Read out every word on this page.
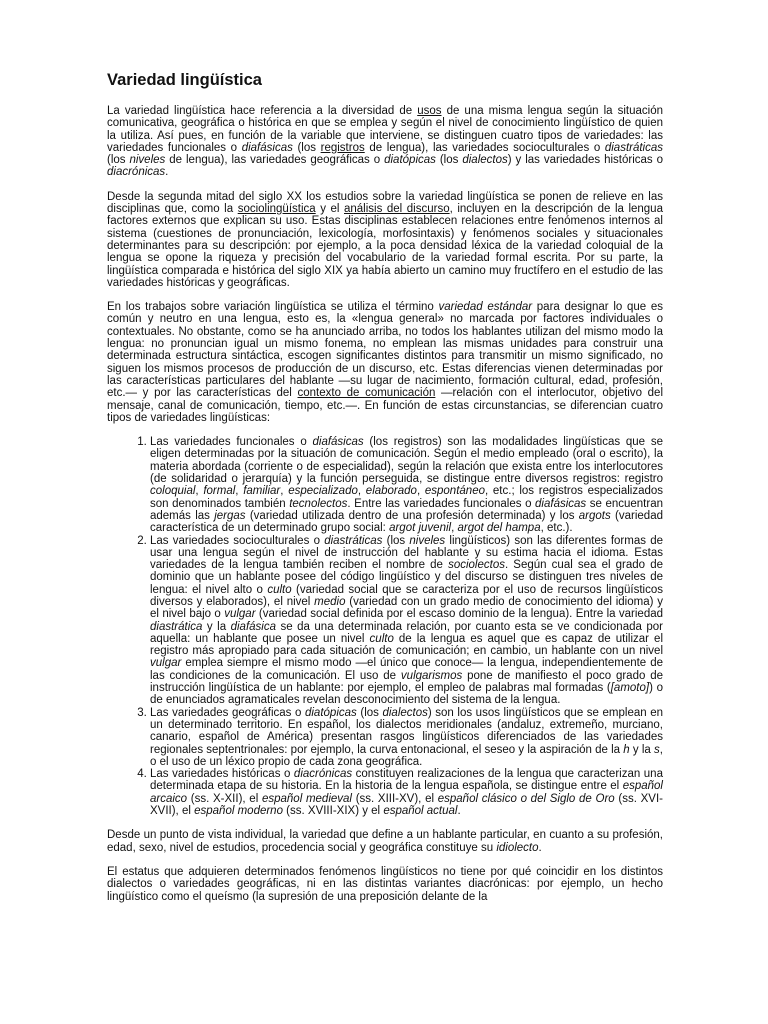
Variedad lingüística

La variedad lingüística hace referencia a la diversidad de usos de una misma lengua según la situación comunicativa, geográfica o histórica en que se emplea y según el nivel de conocimiento lingüístico de quien la utiliza. Así pues, en función de la variable que interviene, se distinguen cuatro tipos de variedades: las variedades funcionales o diafásicas (los registros de lengua), las variedades socioculturales o diastráticas (los niveles de lengua), las variedades geográficas o diatópicas (los dialectos) y las variedades históricas o diacrónicas.

Desde la segunda mitad del siglo XX los estudios sobre la variedad lingüística se ponen de relieve en las disciplinas que, como la sociolingüística y el análisis del discurso, incluyen en la descripción de la lengua factores externos que explican su uso. Estas disciplinas establecen relaciones entre fenómenos internos al sistema (cuestiones de pronunciación, lexicología, morfosintaxis) y fenómenos sociales y situacionales determinantes para su descripción: por ejemplo, a la poca densidad léxica de la variedad coloquial de la lengua se opone la riqueza y precisión del vocabulario de la variedad formal escrita. Por su parte, la lingüística comparada e histórica del siglo XIX ya había abierto un camino muy fructífero en el estudio de las variedades históricas y geográficas.

En los trabajos sobre variación lingüística se utiliza el término variedad estándar para designar lo que es común y neutro en una lengua, esto es, la «lengua general» no marcada por factores individuales o contextuales. No obstante, como se ha anunciado arriba, no todos los hablantes utilizan del mismo modo la lengua: no pronuncian igual un mismo fonema, no emplean las mismas unidades para construir una determinada estructura sintáctica, escogen significantes distintos para transmitir un mismo significado, no siguen los mismos procesos de producción de un discurso, etc. Estas diferencias vienen determinadas por las características particulares del hablante —su lugar de nacimiento, formación cultural, edad, profesión, etc.— y por las características del contexto de comunicación —relación con el interlocutor, objetivo del mensaje, canal de comunicación, tiempo, etc.—. En función de estas circunstancias, se diferencian cuatro tipos de variedades lingüísticas:

1. Las variedades funcionales o diafásicas (los registros) son las modalidades lingüísticas que se eligen determinadas por la situación de comunicación. Según el medio empleado (oral o escrito), la materia abordada (corriente o de especialidad), según la relación que exista entre los interlocutores (de solidaridad o jerarquía) y la función perseguida, se distingue entre diversos registros: registro coloquial, formal, familiar, especializado, elaborado, espontáneo, etc.; los registros especializados son denominados también tecnolectos. Entre las variedades funcionales o diafásicas se encuentran además las jergas (variedad utilizada dentro de una profesión determinada) y los argots (variedad característica de un determinado grupo social: argot juvenil, argot del hampa, etc.).
2. Las variedades socioculturales o diastráticas (los niveles lingüísticos) son las diferentes formas de usar una lengua según el nivel de instrucción del hablante y su estima hacia el idioma. Estas variedades de la lengua también reciben el nombre de sociolectos. Según cual sea el grado de dominio que un hablante posee del código lingüístico y del discurso se distinguen tres niveles de lengua: el nivel alto o culto (variedad social que se caracteriza por el uso de recursos lingüísticos diversos y elaborados), el nivel medio (variedad con un grado medio de conocimiento del idioma) y el nivel bajo o vulgar (variedad social definida por el escaso dominio de la lengua). Entre la variedad diastrática y la diafásica se da una determinada relación, por cuanto esta se ve condicionada por aquella: un hablante que posee un nivel culto de la lengua es aquel que es capaz de utilizar el registro más apropiado para cada situación de comunicación; en cambio, un hablante con un nivel vulgar emplea siempre el mismo modo —el único que conoce— la lengua, independientemente de las condiciones de la comunicación. El uso de vulgarismos pone de manifiesto el poco grado de instrucción lingüística de un hablante: por ejemplo, el empleo de palabras mal formadas ([amoto]) o de enunciados agramaticales revelan desconocimiento del sistema de la lengua.
3. Las variedades geográficas o diatópicas (los dialectos) son los usos lingüísticos que se emplean en un determinado territorio. En español, los dialectos meridionales (andaluz, extremeño, murciano, canario, español de América) presentan rasgos lingüísticos diferenciados de las variedades regionales septentrionales: por ejemplo, la curva entonacional, el seseo y la aspiración de la h y la s, o el uso de un léxico propio de cada zona geográfica.
4. Las variedades históricas o diacrónicas constituyen realizaciones de la lengua que caracterizan una determinada etapa de su historia. En la historia de la lengua española, se distingue entre el español arcaico (ss. X-XII), el español medieval (ss. XIII-XV), el español clásico o del Siglo de Oro (ss. XVI-XVII), el español moderno (ss. XVIII-XIX) y el español actual.

Desde un punto de vista individual, la variedad que define a un hablante particular, en cuanto a su profesión, edad, sexo, nivel de estudios, procedencia social y geográfica constituye su idiolecto.

El estatus que adquieren determinados fenómenos lingüísticos no tiene por qué coincidir en los distintos dialectos o variedades geográficas, ni en las distintas variantes diacrónicas: por ejemplo, un hecho lingüístico como el queísmo (la supresión de una preposición delante de la
